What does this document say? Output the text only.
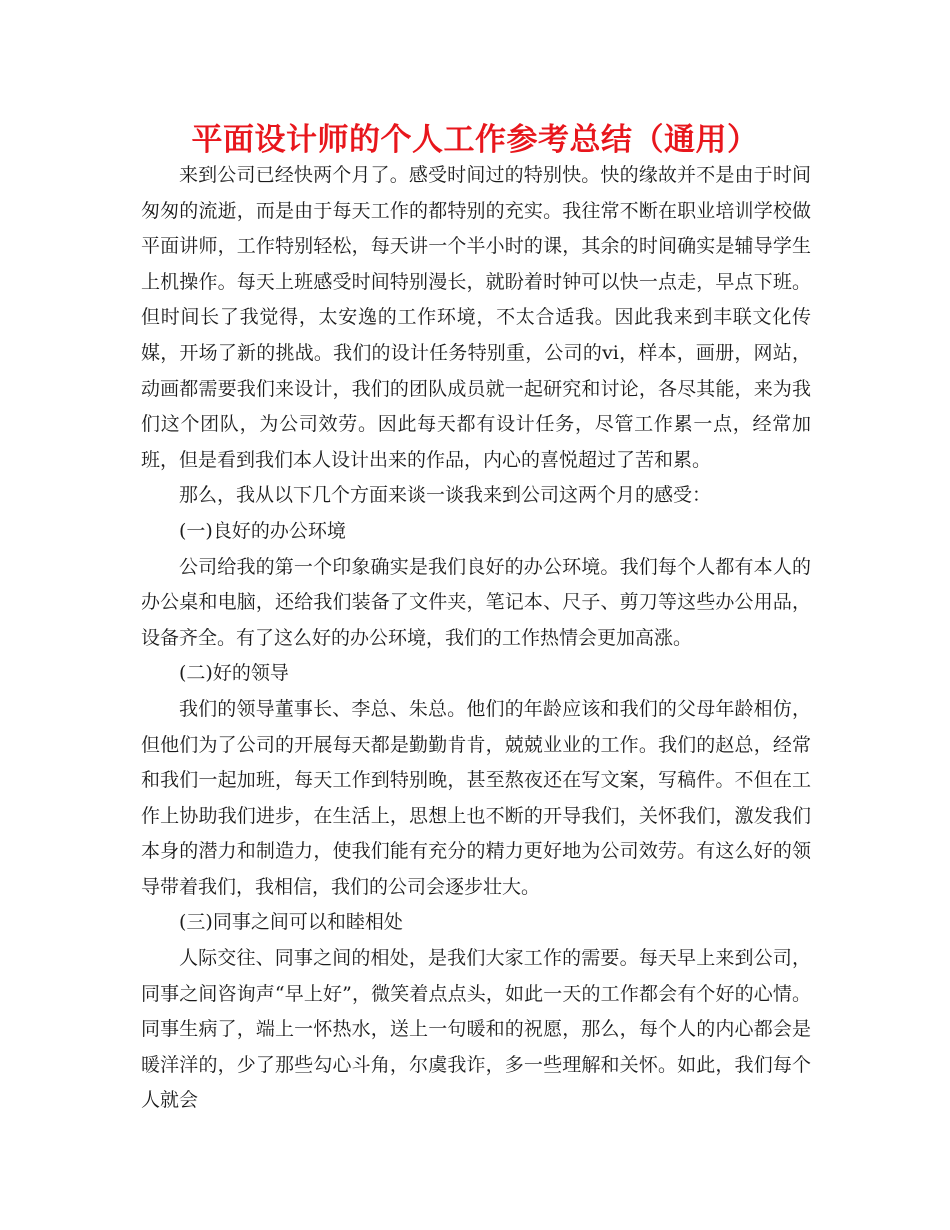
平面设计师的个人工作参考总结（通用）

来到公司已经快两个月了。感受时间过的特别快。快的缘故并不是由于时间匆匆的流逝，而是由于每天工作的都特别的充实。我往常不断在职业培训学校做平面讲师，工作特别轻松，每天讲一个半小时的课，其余的时间确实是辅导学生上机操作。每天上班感受时间特别漫长，就盼着时钟可以快一点走，早点下班。但时间长了我觉得，太安逸的工作环境，不太合适我。因此我来到丰联文化传媒，开场了新的挑战。我们的设计任务特别重，公司的vi，样本，画册，网站，动画都需要我们来设计，我们的团队成员就一起研究和讨论，各尽其能，来为我们这个团队，为公司效劳。因此每天都有设计任务，尽管工作累一点，经常加班，但是看到我们本人设计出来的作品，内心的喜悦超过了苦和累。

那么，我从以下几个方面来谈一谈我来到公司这两个月的感受：

(一)良好的办公环境

公司给我的第一个印象确实是我们良好的办公环境。我们每个人都有本人的办公桌和电脑，还给我们装备了文件夹，笔记本、尺子、剪刀等这些办公用品，设备齐全。有了这么好的办公环境，我们的工作热情会更加高涨。

(二)好的领导

我们的领导董事长、李总、朱总。他们的年龄应该和我们的父母年龄相仿，但他们为了公司的开展每天都是勤勤肯肯，兢兢业业的工作。我们的赵总，经常和我们一起加班，每天工作到特别晚，甚至熬夜还在写文案，写稿件。不但在工作上协助我们进步，在生活上，思想上也不断的开导我们，关怀我们，激发我们本身的潜力和制造力，使我们能有充分的精力更好地为公司效劳。有这么好的领导带着我们，我相信，我们的公司会逐步壮大。

(三)同事之间可以和睦相处

人际交往、同事之间的相处，是我们大家工作的需要。每天早上来到公司，同事之间咨询声“早上好”，微笑着点点头，如此一天的工作都会有个好的心情。同事生病了，端上一怀热水，送上一句暖和的祝愿，那么，每个人的内心都会是暖洋洋的，少了那些勾心斗角，尔虞我诈，多一些理解和关怀。如此，我们每个人就会
